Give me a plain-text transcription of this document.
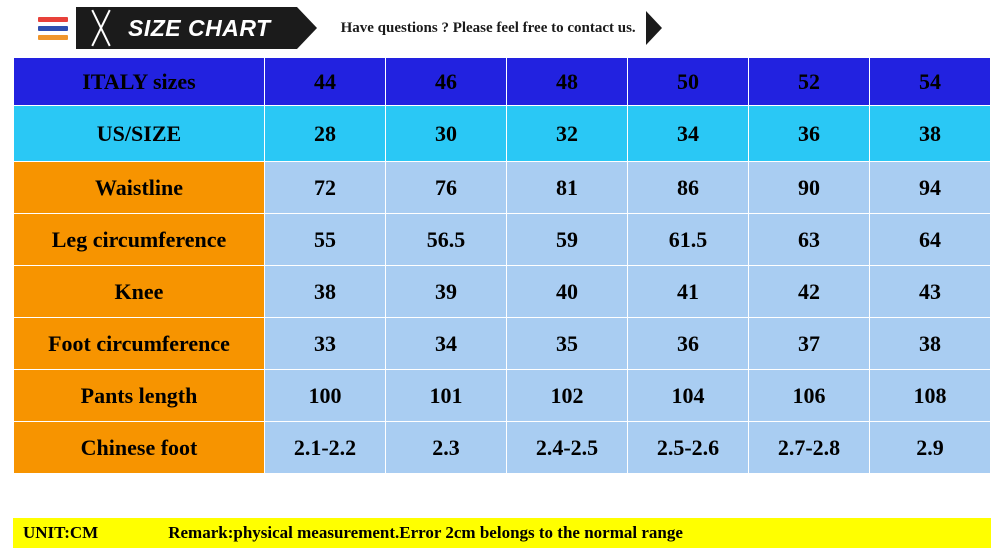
SIZE CHART	Have questions ? Please feel free to contact us.
ITALY sizes	44	46	48	50	52	54
US/SIZE	28	30	32	34	36	38
Waistline	72	76	81	86	90	94
Leg circumference	55	56.5	59	61.5	63	64
Knee	38	39	40	41	42	43
Foot circumference	33	34	35	36	37	38
Pants length	100	101	102	104	106	108
Chinese foot	2.1-2.2	2.3	2.4-2.5	2.5-2.6	2.7-2.8	2.9
UNIT:CM	Remark:physical measurement.Error 2cm belongs to the normal range
